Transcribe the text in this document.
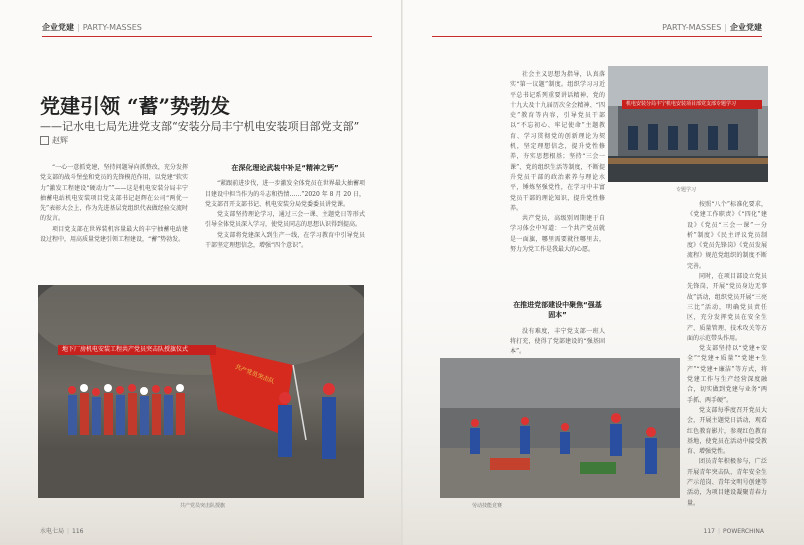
企业党建 | PARTY-MASSES
党建引领 “蓄”势勃发
——记水电七局先进党支部“安装分局丰宁机电安装项目部党支部”
赵辉

“一心一意抓党建，坚持问题导向抓整改，充分发挥党支部的战斗堡垒和党员的先锋模范作用，以党建“软实力”激发工程建设“硬动力””——这是机电安装分局丰宁抽蓄电站机电安装项目党支部书记赵辉在公司“两优一先”表彰大会上，作为先进基层党组织代表做经验交流时的发言。

项目党支部在世界装机容量最大的丰宁抽蓄电站建设过程中，用高质量党建引领工程建设，“蓄”势勃发。

在深化理论武装中补足“精神之钙”

“紧跟前进步伐，进一步激发全体党员在世界最大抽蓄项目建设中担当作为的斗志和热情……”2020 年 8 月 20 日，党支部召开支部书记、机电安装分局党委委员讲党课。

党支部坚持理论学习，通过三会一课、主题党日等形式引导全体党员深入学习，使党员同志的思想认识得到提高。

党支部将党建深入到生产一线，在学习教育中引导党员干部坚定理想信念，增强“四个意识”。

地下厂房机电安装工程共产党员突击队授旗仪式
共产党员突击队
共产党员突击队授旗
水电七局 | 116
PARTY-MASSES | 企业党建

社会主义思想为指导，认真落实“第一议题”制度。组织学习习近平总书记系列重要讲话精神、党的十九大及十九届历次全会精神、“四史”教育等内容，引导党员干部以“不忘初心、牢记使命”主题教育、学习贯彻党的创新理论为契机，坚定理想信念，提升党性修养，夯实思想根基；坚持“三会一课”、党的组织生活等制度，不断提升党员干部的政治素养与理论水平，锤炼坚强党性，在学习中丰富党员干部的理论知识，提升党性修养。

共产党员，高级别周期建于自学习体会中写道：一个共产党员就是一面旗，哪里需要就往哪里去，努力为党工作是我最大的心愿。

在推进党部建设中聚焦“强基固本”

没有难度，丰宁党支部一班人将打充，使得了党部建设的“强基固本”。

机电安装分局丰宁机电安装项目部党支部专题学习
专题学习

按照“八个”标准化要求，《党建工作职责》《“四化”建设》《党员“三会一课”一分析”制度》《民主评议党员制度》《党员先锋岗》《党员发展流程》规范党组织的制度不断完善。

同时，在项目部设立党员先锋岗，开展“党员身边无事故”活动，组织党员开展“三亮三比”活动，明确党员责任区，充分发挥党员在安全生产、质量管理、技术攻关等方面的示范带头作用。

党支部坚持以“党建+安全”“党建+质量”“党建+生产”“党建+廉洁”等方式，将党建工作与生产经营深度融合，切实做到党建与业务“两手抓、两手硬”。

党支部每季度召开党员大会，开展主题党日活动，观看红色教育影片，参观红色教育基地，使党员在活动中接受教育、增强党性。

团员青年积极参与，广泛开展青年突击队、青年安全生产示范岗、青年文明号创建等活动，为项目建设凝聚青春力量。

劳动技能竞赛
117 | POWERCHINA
